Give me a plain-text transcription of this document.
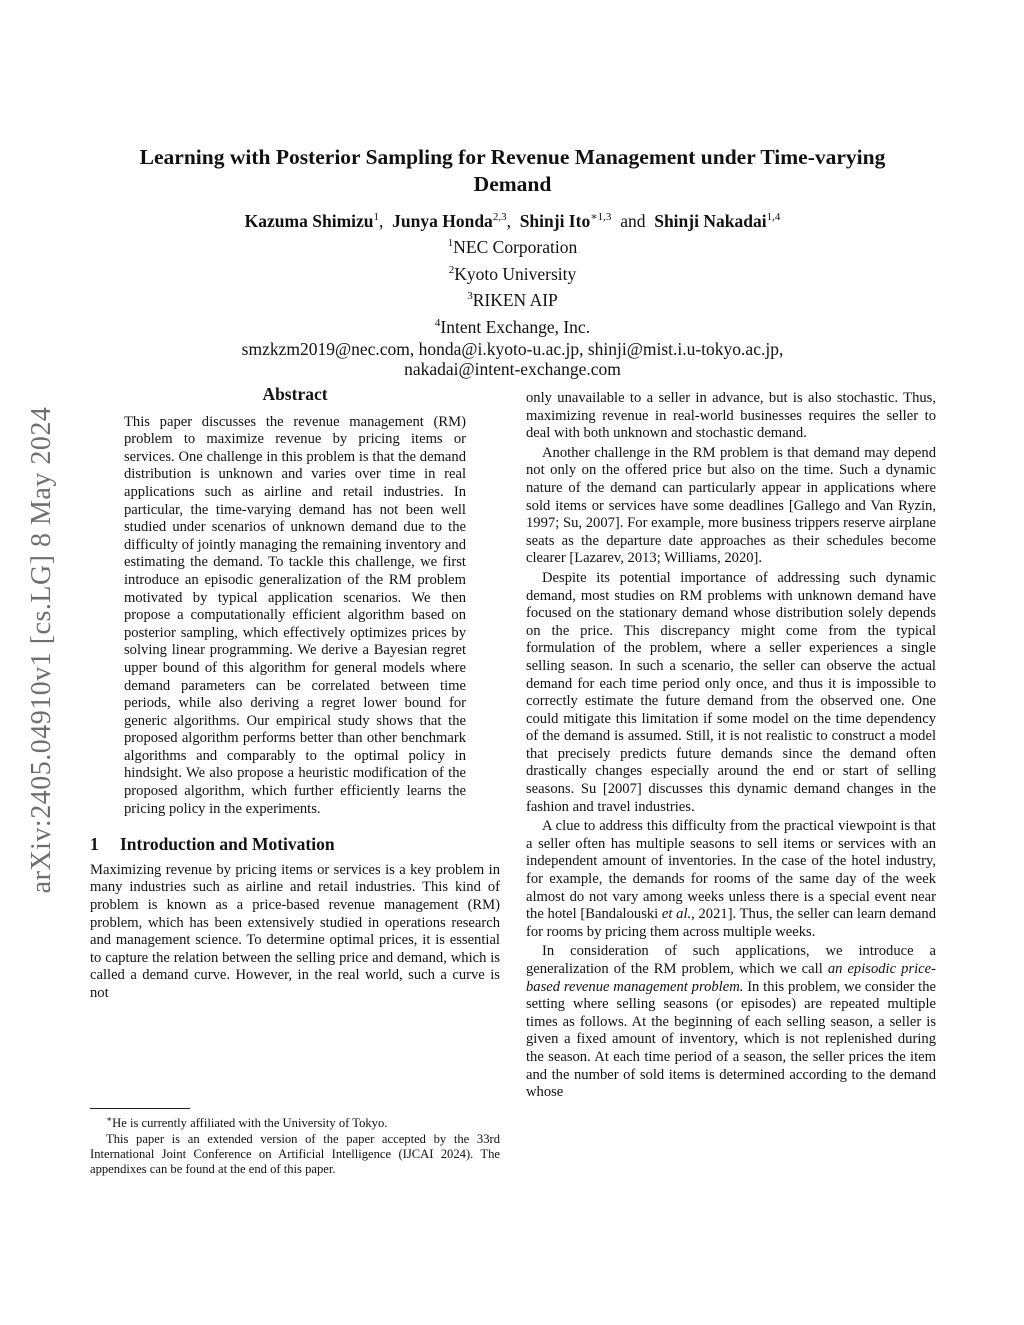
arXiv:2405.04910v1 [cs.LG] 8 May 2024
Learning with Posterior Sampling for Revenue Management under Time-varying
Demand
Kazuma Shimizu$^1$, Junya Honda$^{2,3}$, Shinji Ito$^{∗1,3}$ and Shinji Nakadai$^{1,4}$
$^1$NEC Corporation
$^2$Kyoto University
$^3$RIKEN AIP
$^4$Intent Exchange, Inc.
smzkzm2019@nec.com, honda@i.kyoto-u.ac.jp, shinji@mist.i.u-tokyo.ac.jp,
nakadai@intent-exchange.com
Abstract

This paper discusses the revenue management (RM) problem to maximize revenue by pricing items or services. One challenge in this problem is that the demand distribution is unknown and varies over time in real applications such as airline and retail industries. In particular, the time-varying demand has not been well studied under scenarios of unknown demand due to the difficulty of jointly managing the remaining inventory and estimating the demand. To tackle this challenge, we first introduce an episodic generalization of the RM problem motivated by typical application scenarios. We then propose a computationally efficient algorithm based on posterior sampling, which effectively optimizes prices by solving linear programming. We derive a Bayesian regret upper bound of this algorithm for general models where demand parameters can be correlated between time periods, while also deriving a regret lower bound for generic algorithms. Our empirical study shows that the proposed algorithm performs better than other benchmark algorithms and comparably to the optimal policy in hindsight. We also propose a heuristic modification of the proposed algorithm, which further efficiently learns the pricing policy in the experiments.

1 Introduction and Motivation

Maximizing revenue by pricing items or services is a key problem in many industries such as airline and retail industries. This kind of problem is known as a price-based revenue management (RM) problem, which has been extensively studied in operations research and management science. To determine optimal prices, it is essential to capture the relation between the selling price and demand, which is called a demand curve. However, in the real world, such a curve is not

∗He is currently affiliated with the University of Tokyo.

This paper is an extended version of the paper accepted by the 33rd International Joint Conference on Artificial Intelligence (IJCAI 2024). The appendixes can be found at the end of this paper.

only unavailable to a seller in advance, but is also stochastic. Thus, maximizing revenue in real-world businesses requires the seller to deal with both unknown and stochastic demand.

Another challenge in the RM problem is that demand may depend not only on the offered price but also on the time. Such a dynamic nature of the demand can particularly appear in applications where sold items or services have some deadlines [Gallego and Van Ryzin, 1997; Su, 2007]. For example, more business trippers reserve airplane seats as the departure date approaches as their schedules become clearer [Lazarev, 2013; Williams, 2020].

Despite its potential importance of addressing such dynamic demand, most studies on RM problems with unknown demand have focused on the stationary demand whose distribution solely depends on the price. This discrepancy might come from the typical formulation of the problem, where a seller experiences a single selling season. In such a scenario, the seller can observe the actual demand for each time period only once, and thus it is impossible to correctly estimate the future demand from the observed one. One could mitigate this limitation if some model on the time dependency of the demand is assumed. Still, it is not realistic to construct a model that precisely predicts future demands since the demand often drastically changes especially around the end or start of selling seasons. Su [2007] discusses this dynamic demand changes in the fashion and travel industries.

A clue to address this difficulty from the practical viewpoint is that a seller often has multiple seasons to sell items or services with an independent amount of inventories. In the case of the hotel industry, for example, the demands for rooms of the same day of the week almost do not vary among weeks unless there is a special event near the hotel [Bandalouski et al., 2021]. Thus, the seller can learn demand for rooms by pricing them across multiple weeks.

In consideration of such applications, we introduce a generalization of the RM problem, which we call an episodic price-based revenue management problem. In this problem, we consider the setting where selling seasons (or episodes) are repeated multiple times as follows. At the beginning of each selling season, a seller is given a fixed amount of inventory, which is not replenished during the season. At each time period of a season, the seller prices the item and the number of sold items is determined according to the demand whose
